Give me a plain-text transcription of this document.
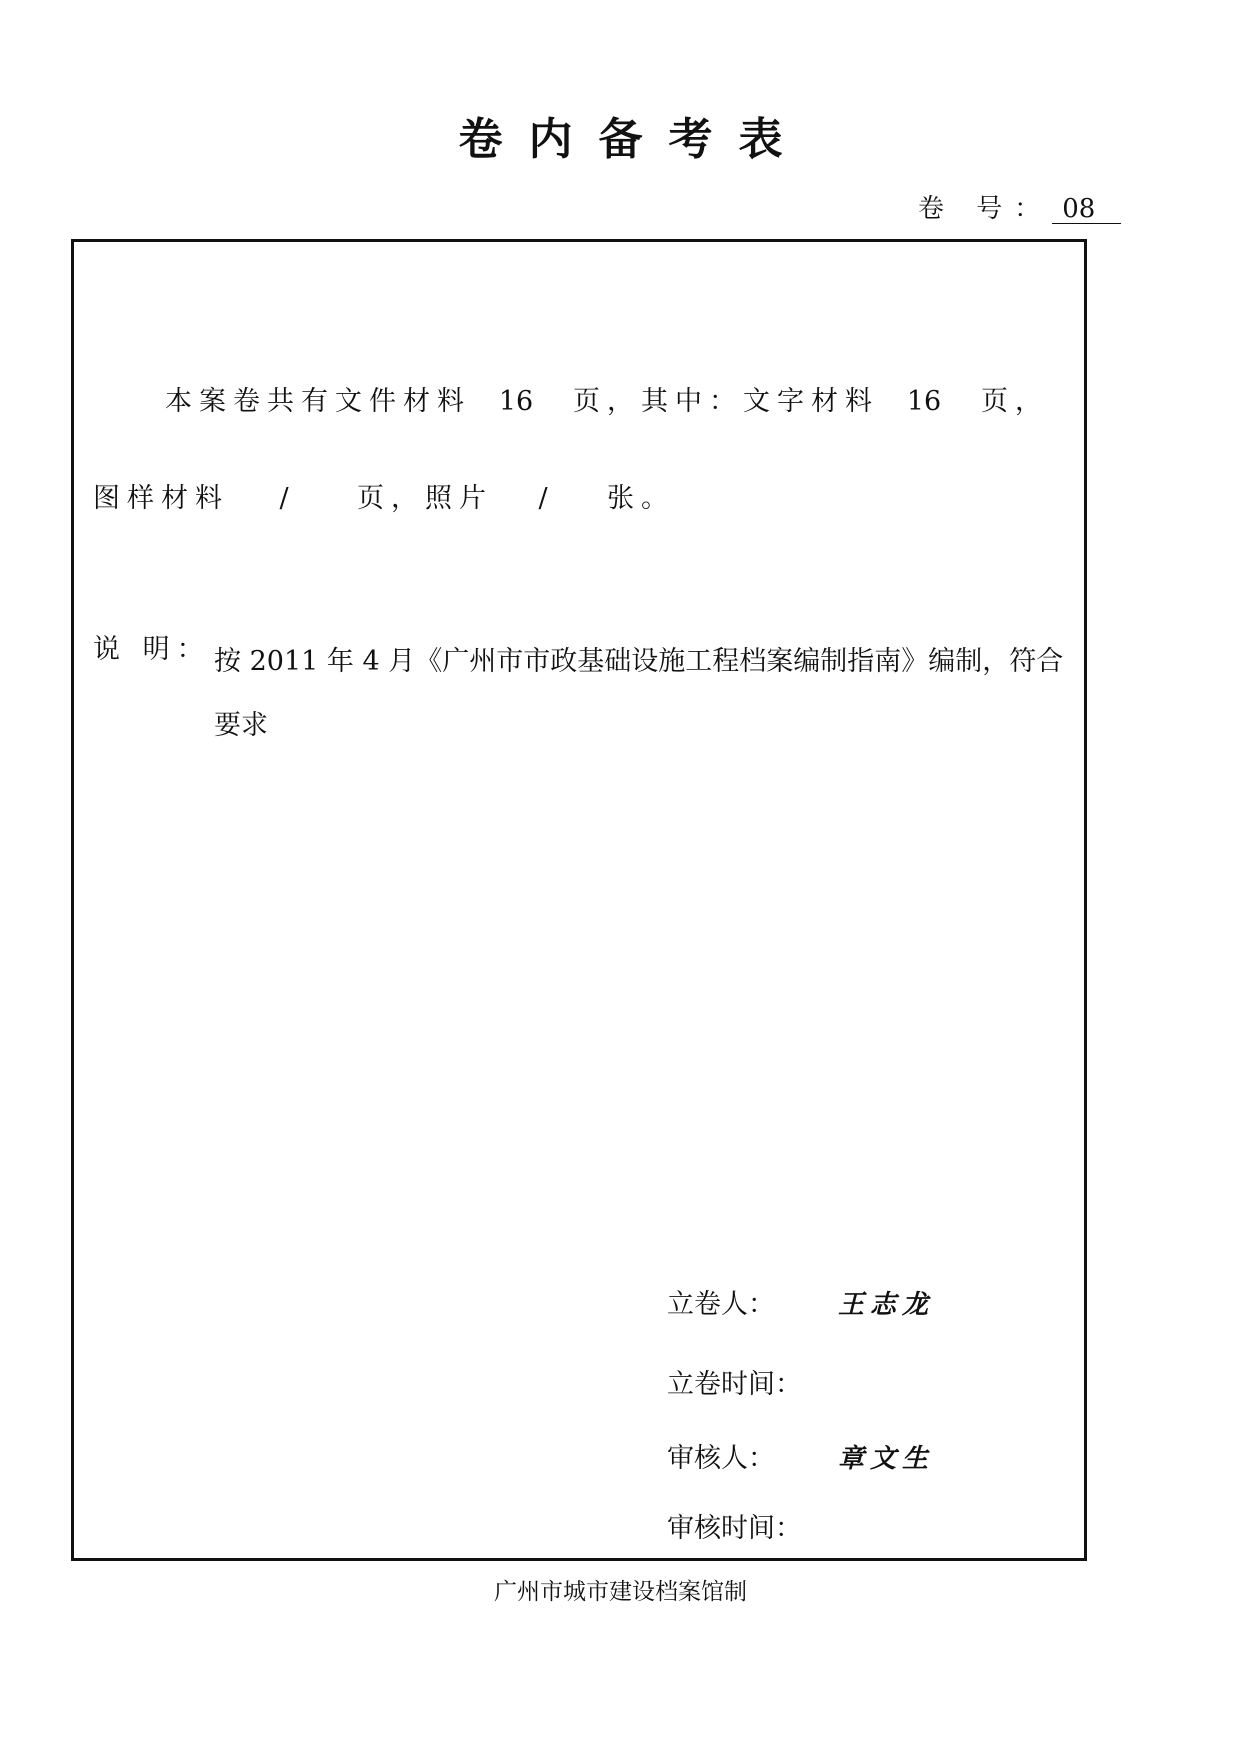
卷内备考表
卷 号： 08
本案卷共有文件材料 16 页，其中：文字材料 16 页，
图样材料 /	页，照片 / 张。
说 明： 按 2011 年 4 月《广州市市政基础设施工程档案编制指南》编制，符合要求
立卷人： 王志龙
立卷时间：
审核人： 章文生
审核时间：
广州市城市建设档案馆制
